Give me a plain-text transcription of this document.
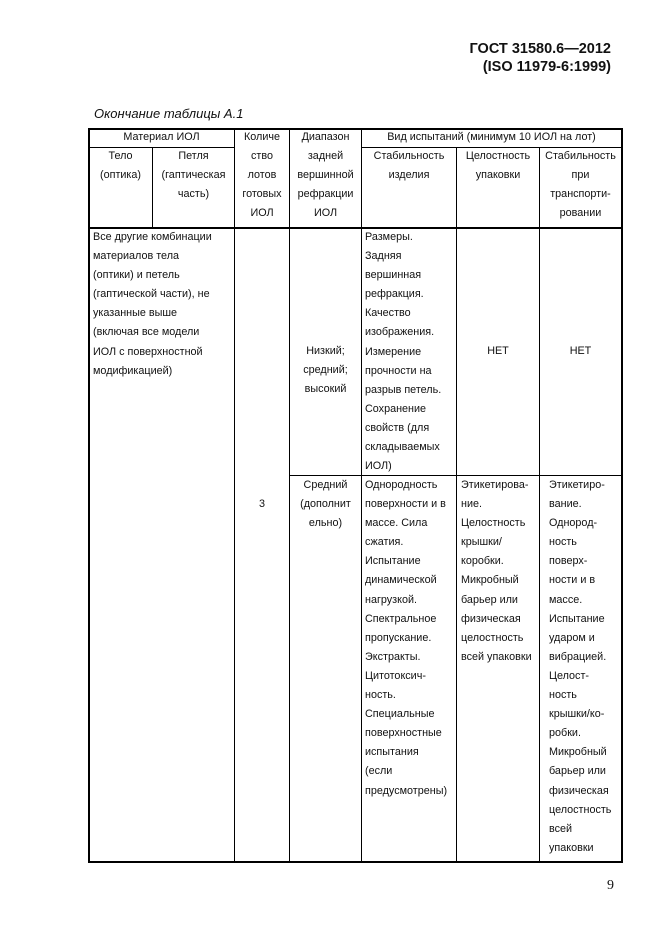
ГОСТ 31580.6—2012
(ISO 11979-6:1999)
Окончание таблицы А.1
Материал ИОЛ
Тело
(оптика)
Петля
(гаптическая
часть)
Количе
ство
лотов
готовых
ИОЛ
Диапазон
задней
вершинной
рефракции
ИОЛ
Вид испытаний (минимум 10 ИОЛ на лот)
Стабильность
изделия
Целостность
упаковки
Стабильность
при
транспорти-
ровании
Все другие комбинации
материалов тела
(оптики) и петель
(гаптической части), не
указанные выше
(включая все модели
ИОЛ с поверхностной
модификацией)
3
Низкий;
средний;
высокий
Размеры.
Задняя
вершинная
рефракция.
Качество
изображения.
Измерение
прочности на
разрыв петель.
Сохранение
свойств (для
складываемых
ИОЛ)
НЕТ	НЕТ
Средний
(дополнит
ельно)
Однородность
поверхности и в
массе. Сила
сжатия.
Испытание
динамической
нагрузкой.
Спектральное
пропускание.
Экстракты.
Цитотоксич-
ность.
Специальные
поверхностные
испытания
(если
предусмотрены)
Этикетирова-
ние.
Целостность
крышки/
коробки.
Микробный
барьер или
физическая
целостность
всей упаковки
Этикетиро-
вание.
Однород-
ность
поверх-
ности и в
массе.
Испытание
ударом и
вибрацией.
Целост-
ность
крышки/ко-
робки.
Микробный
барьер или
физическая
целостность
всей
упаковки
9
